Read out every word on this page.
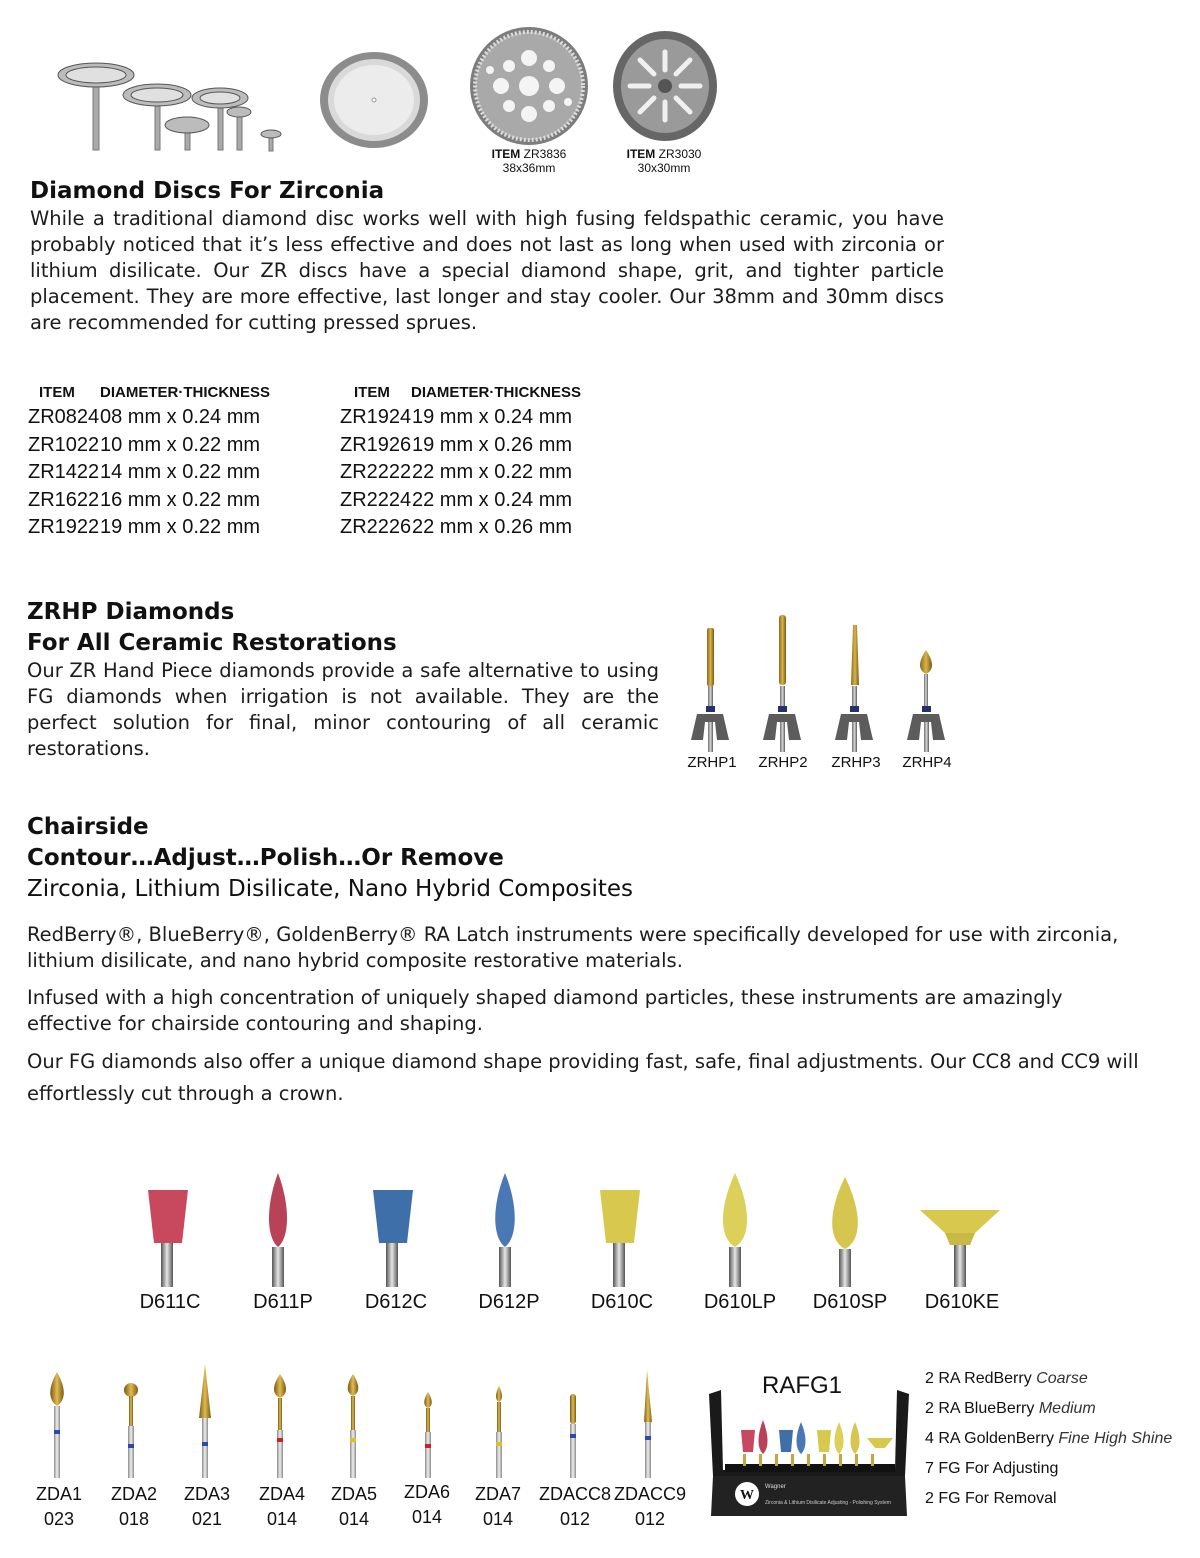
ITEM ZR3836
38x36mm
ITEM ZR3030
30x30mm
Diamond Discs For Zirconia

While a traditional diamond disc works well with high fusing feldspathic ceramic, you have probably noticed that it’s less effective and does not last as long when used with zirconia or lithium disilicate. Our ZR discs have a special diamond shape, grit, and tighter particle placement. They are more effective, last longer and stay cooler. Our 38mm and 30mm discs are recommended for cutting pressed sprues.

ITEM DIAMETER·THICKNESS
ZR0824 08 mm x 0.24 mm
ZR1022 10 mm x 0.22 mm
ZR1422 14 mm x 0.22 mm
ZR1622 16 mm x 0.22 mm
ZR1922 19 mm x 0.22 mm
ITEM DIAMETER·THICKNESS
ZR1924 19 mm x 0.24 mm
ZR1926 19 mm x 0.26 mm
ZR2222 22 mm x 0.22 mm
ZR2224 22 mm x 0.24 mm
ZR2226 22 mm x 0.26 mm
ZRHP Diamonds
For All Ceramic Restorations

Our ZR Hand Piece diamonds provide a safe alternative to using FG diamonds when irrigation is not available. They are the perfect solution for final, minor contouring of all ceramic restorations.

ZRHP1	ZRHP2	ZRHP3	ZRHP4
Chairside
Contour…Adjust…Polish…Or Remove
Zirconia, Lithium Disilicate, Nano Hybrid Composites

RedBerry®, BlueBerry®, GoldenBerry® RA Latch instruments were specifically developed for use with zirconia, lithium disilicate, and nano hybrid composite restorative materials.

Infused with a high concentration of uniquely shaped diamond particles, these instruments are amazingly effective for chairside contouring and shaping.

Our FG diamonds also offer a unique diamond shape providing fast, safe, final adjustments. Our CC8 and CC9 will effortlessly cut through a crown.

D611C	D611P	D612C	D612P	D610C	D610LP	D610SP	D610KE
ZDA1
023
ZDA2
018
ZDA3
021
ZDA4
014
ZDA5
014
ZDA6
014
ZDA7
014
ZDACC8
012
ZDACC9
012
RAFG1
W
Wagner
Zirconia & Lithium Disilicate Adjusting - Polishing System
2 RA RedBerry Coarse
2 RA BlueBerry Medium
4 RA GoldenBerry Fine High Shine
7 FG For Adjusting
2 FG For Removal
